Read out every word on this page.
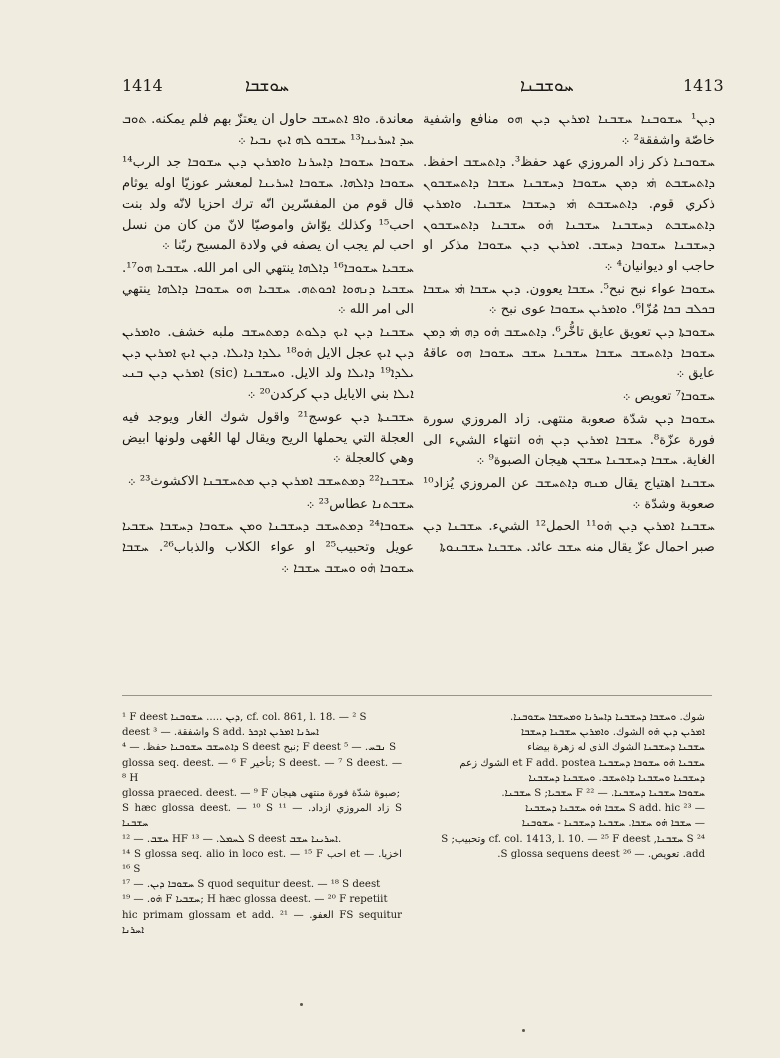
1414	ܚܘܫܒܐ	ܚܘܫܒܢܐ	1413

معاندة. ܘܐܦ ܐܬܚܫܒ حاول ان يعتزّ بهم فلم يمكنه. ܬܘܒ ܚܕ ܐܚܪܝܢܐ¹³ ܚܫܒܘ ܠܗ ܐܝܟ ܢܒܝܐ ܀

ܚܫܘܒܐ ܚܫܘܒܐ ܕܐܚܪܢܐ ܘܐܡܪܝܢ ܕܝܢ ܚܫܘܒܐ جد الرب¹⁴ ܚܫܘܒܐ ܕܐܠܗܐ. ܚܫܘܒܐ ܐܚܪܝܢܐ لمعشر عوزيّا اوله يوثام قال قوم من المفسّرين انّه ترك احزيا لانّه ولد بنت احب¹⁵ وكذلك يوّاش واموصيّا لانّ من كان من نسل احب لم يجب ان يصفه في ولادة المسيح ربّنا ܀

ܚܫܒܝܐ ܚܫܘܒܐ¹⁶ ܕܐܠܗܐ ينتهي الى امر الله. ܚܫܒܝܐ ܗܘ¹⁷. ܚܫܒܝܐ ܕܢܗܘܐ ܐܟܘܬܗ. ܚܫܒܝܐ ܗܘ ܚܫܘܒܐ ܕܐܠܗܐ ينتهي الى امر الله ܀

ܚܫܒܢܐ ܕܝܢ ܐܝܟ ܕܠܘܬ ܕܡܬܚܫܒ ملبه خشف. ܘܐܡܪܝܢ ܕܝܢ ܐܝܟ عجل الايل ܗ̇ܘ¹⁸ ܝܠܕܐ ܕܐܝܠܐ. ܕܝܢ ܐܝܟ ܐܡܪܝܢ ܕܝܢ ܝܠܕܐ¹⁹ ܕܐܝܠܐ ولد الايل. ܘܚܫܒܢܐ (sic) ܐܡܪܝܢ ܕܝܢ ܒܢܝ ܐܝܠܐ بني الايايل ܕܝܢ كركدن²⁰ ܀

ܚܫܒܢܬܐ ܕܝܢ عوسج²¹ واقول شوك الغار ويوجد فيه العجلة التي يحملها الريح ويقال لها العُهى ولونها ابيض وهي كالعجلة ܀

ܚܫܒܢܐ²² ܕܡܬܚܫܒ ܐܡܪܝܢ ܕܝܢ ܡܬܚܫܒܢܐ الاكشوث²³ ܀

ܚܫܒܬܢܐ عطاس²³ ܀

ܚܫܘܒܐ²⁴ ܕܡܬܚܫܒ ܕܚܫܒܢܐ ܘܡܢ ܚܫܘܒܐ ܕܚܫܒܐ ܚܫܒܝܐ عويل وتحبيب²⁵ او عواء الكلاب والذباب²⁶. ܚܫܒܐ ܚܫܘܒܐ ܗ̇ܘ ܘܚܫܒ ܚܫܒܐ ܀

ܕܝܢ¹ ܚܫܘܒܢܐ ܚܫܒܢܐ ܐܡܪܝܢ ܕܝܢ ܗܘ منافع واشفية خاصّة واشفقة² ܀

ܚܫܘܒܢܐ ذكر زاد المروزي عهد حفظ³. ܕܐܬܚܫܒ احفظ. ܕܐܬܚܫܒܬ ܗ̇ܝ ܕܡܢ ܚܫܘܒܐ ܕܚܫܒܢܐ ܚܫܒܐ ܕܐܬܚܫܒܘܢ ذكري قوم. ܕܐܬܚܫܒܬ ܗ̇ܝ ܕܚܫܒܐ ܚܫܒܢܐ. ܘܐܡܪܝܢ ܕܐܬܚܫܒܬ ܕܚܫܒܢܐ ܚܫܒܢܐ ܗ̇ܘ ܚܫܒܢܐ ܕܐܬܚܫܒܘܢ ܕܚܫܒܢܐ ܚܫܘܒܐ ܕܚܫܒ. ܐܡܪܝܢ ܕܝܢ ܚܫܘܒܐ مذكر او حاجب او ديوانيان⁴ ܀

ܚܫܘܒܐ عواء نبح نبح⁵. ܚܫܒܐ يعوون. ܕܝܢ ܚܫܒܐ ܗ̇ܝ ܚܫܒܐ ܒܟܠܒ ܒܟܐ مُزّا⁶. ܘܐܡܪܝܢ ܚܫܘܒܐ عوى نبح ܀

ܚܫܘܒܬܐ ܕܝܢ تعويق عايق تاخُّر⁶. ܕܐܬܚܫܒ ܗ̇ܘ ܕܗ ܗ̇ܝ ܕܡܢ ܚܫܘܒܐ ܕܐܬܚܫܒ ܚܫܒܐ ܚܫܒܢܐ ܚܫܒ ܚܫܘܒܐ ܗܘ عاقهُ عايق ܀

ܚܫܘܒܐ⁷ تعويص ܀

ܚܫܘܒܐ ܕܝܢ شدّة صعوبة منتهى. زاد المروزي سورة فورة عزّة⁸. ܚܫܒܐ ܐܡܪܝܢ ܕܝܢ ܗ̇ܘ انتهاء الشيء الى الغاية. ܚܫܒܐ ܕܚܫܒܢܐ ܚܫܒܢ هيجان الصبوة⁹ ܀

ܚܫܒܢܐ اهتياج يقال ܡܢܗ ܕܐܬܚܫܒ عن المروزي يُزاد¹⁰ صعوبة وشدّة ܀

ܚܫܒܢܐ ܐܡܪܝܢ ܕܝܢ ܗ̇ܘ¹¹ الحمل¹² الشيء. ܚܫܒܢܐ ܕܝܢ صبر احمال عزّ يقال منه ܚܫܒ عائد. ܚܫܒܢܐ ܚܫܒܢܘܬܐ

¹ F deest ܕܝܢ ..... ܚܫܘܒܢܐ, cf. col. 861, l. 18. — ² S

deest واشفقة. — ³ S add. ܐܚܪܢܐ ܐܡܪܝܢ ܐܕܟܪ

ܕܐܬܚܫܒ ܚܫܘܒܢܐ حفظ. — ⁴ S deest نبح; F deest ܢܒܚ. — ⁵ S

glossa seq. deest. — ⁶ F تأخير; S deest. — ⁷ S deest. — ⁸ H

glossa praeced. deest. — ⁹ F صبوة شدّة فورة منتهى هيجان;

S hæc glossa deest. — ¹⁰ S زاد المروزي ازداد. — ¹¹ S ܚܫܒܢܐ

ܚܫܒ. — ¹² HF ܠܚܡܠ. — ¹³ S deest ܐܚܪܝܢܐ ܚܫܒ.

¹⁴ S glossa seq. alio in loco est. — ¹⁵ F احب et اخزيا. — ¹⁶ S

ܚܫܘܒܐ ܕܝܢ. — ¹⁷ S quod sequitur deest. — ¹⁸ S deest

ܗ̇ܘ. — ¹⁹ F ܚܫܒܝܐ; H hæc glossa deest. — ²⁰ F repetiit

hic primam glossam et add. العفو. — ²¹ FS sequitur ܐܚܪܢܐ

شوك. ܘܚܫܒܐ ܕܚܫܒܢܐ ܕܐܚܪܢܐ ܘܡܚܫܒܐ ܚܫܘܒܢܐ.

ܐܡܪܝܢ ܕܝܢ ܗ̇ܘ الشوك. ܘܐܡܪܝܢ ܚܫܒܢܐ ܕܚܫܒܐ

ܚܫܒܢܐ ܕܚܫܒܢܐ الشوك الذى له زهرة بيضاء

ܚܫܒܢܐ ܗ̇ܘ ܚܫܘܒܐ ܕܚܫܒܢܐ et F add. postea الشوك زعم

ܕܚܫܒܢܐ ܘܚܫܒܢܐ ܕܐܬܚܫܒ. ܘܚܫܒܢܐ ܕܚܫܒܢܐ

ܚܫܘܒܐ ܚܫܒܢܐ ܕܚܫܒܢܐ. — ²² F ܚܫܒܝܐ; S ܚܫܒܢܐ.

— ²³ S add. hic ܚܫܒܐ ܗ̇ܘ ܚܫܒܢܐ ܕܚܫܒܢܐ

— ܚܫܒܐ ܗ̇ܘ ܚܫܒܐ. ܚܫܒܢܐ ܕܚܫܒܢܐ - ܚܫܘܒܢܐ

²⁴ S ܚܫܒܢܐ, cf. col. 1413, l. 10. — ²⁵ F deest وتحبيب; S

add. تعويص. — ²⁶ S glossa sequens deest.
